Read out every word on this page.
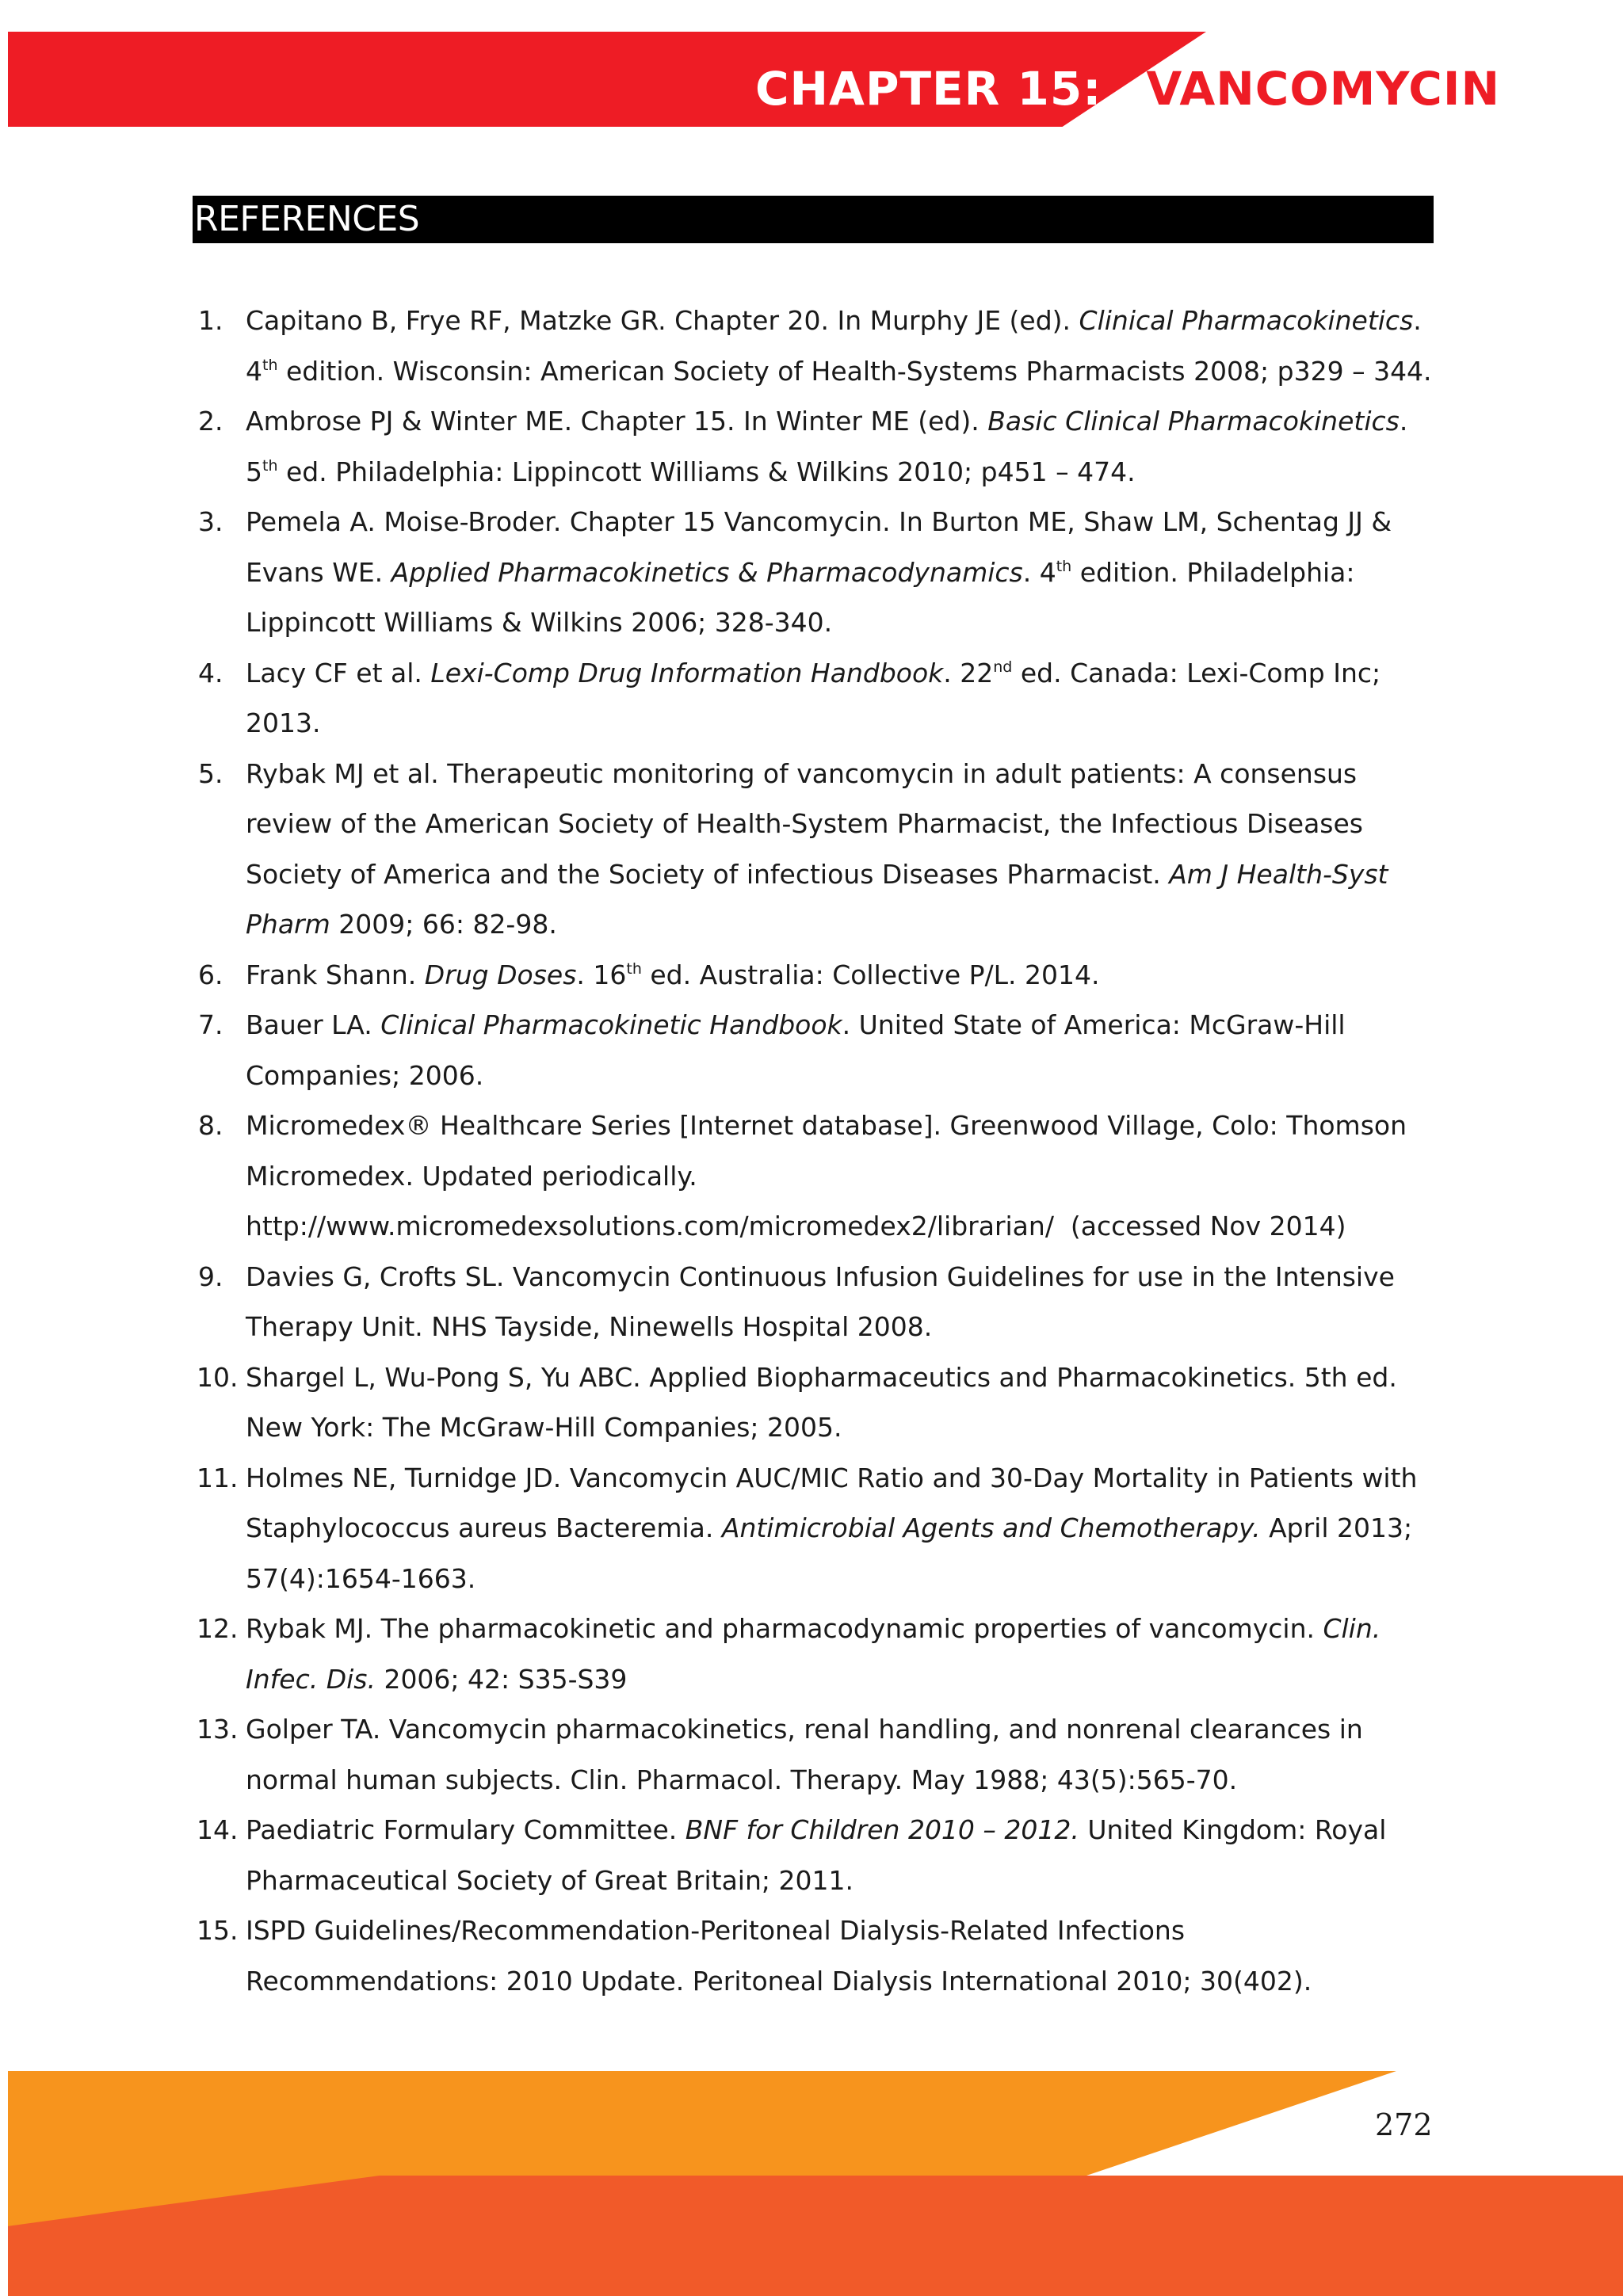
CHAPTER 15: VANCOMYCIN
REFERENCES
1. Capitano B, Frye RF, Matzke GR. Chapter 20. In Murphy JE (ed). Clinical Pharmacokinetics. 4th edition. Wisconsin: American Society of Health-Systems Pharmacists 2008; p329 – 344.
2. Ambrose PJ & Winter ME. Chapter 15. In Winter ME (ed). Basic Clinical Pharmacokinetics. 5th ed. Philadelphia: Lippincott Williams & Wilkins 2010; p451 – 474.
3. Pemela A. Moise-Broder. Chapter 15 Vancomycin. In Burton ME, Shaw LM, Schentag JJ & Evans WE. Applied Pharmacokinetics & Pharmacodynamics. 4th edition. Philadelphia: Lippincott Williams & Wilkins 2006; 328-340.
4. Lacy CF et al. Lexi-Comp Drug Information Handbook. 22nd ed. Canada: Lexi-Comp Inc; 2013.
5. Rybak MJ et al. Therapeutic monitoring of vancomycin in adult patients: A consensus review of the American Society of Health-System Pharmacist, the Infectious Diseases Society of America and the Society of infectious Diseases Pharmacist. Am J Health-Syst Pharm 2009; 66: 82-98.
6. Frank Shann. Drug Doses. 16th ed. Australia: Collective P/L. 2014.
7. Bauer LA. Clinical Pharmacokinetic Handbook. United State of America: McGraw-Hill Companies; 2006.
8. Micromedex® Healthcare Series [Internet database]. Greenwood Village, Colo: Thomson Micromedex. Updated periodically.
http://www.micromedexsolutions.com/micromedex2/librarian/  (accessed Nov 2014)
9. Davies G, Crofts SL. Vancomycin Continuous Infusion Guidelines for use in the Intensive Therapy Unit. NHS Tayside, Ninewells Hospital 2008.
10. Shargel L, Wu-Pong S, Yu ABC. Applied Biopharmaceutics and Pharmacokinetics. 5th ed. New York: The McGraw-Hill Companies; 2005.
11. Holmes NE, Turnidge JD. Vancomycin AUC/MIC Ratio and 30-Day Mortality in Patients with Staphylococcus aureus Bacteremia. Antimicrobial Agents and Chemotherapy. April 2013; 57(4):1654-1663.
12. Rybak MJ. The pharmacokinetic and pharmacodynamic properties of vancomycin. Clin. Infec. Dis. 2006; 42: S35-S39
13. Golper TA. Vancomycin pharmacokinetics, renal handling, and nonrenal clearances in normal human subjects. Clin. Pharmacol. Therapy. May 1988; 43(5):565-70.
14. Paediatric Formulary Committee. BNF for Children 2010 – 2012. United Kingdom: Royal Pharmaceutical Society of Great Britain; 2011.
15. ISPD Guidelines/Recommendation-Peritoneal Dialysis-Related Infections Recommendations: 2010 Update. Peritoneal Dialysis International 2010; 30(402).

272
